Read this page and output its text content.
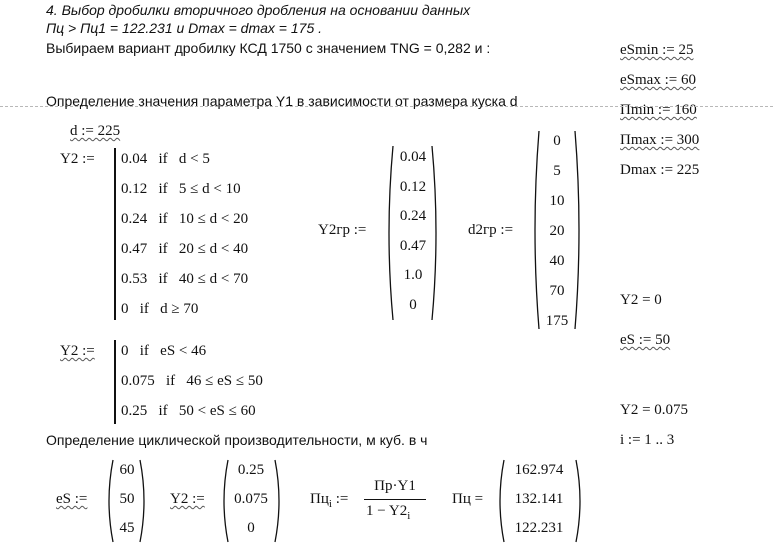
4. Выбор дробилки вторичного дробления на основании данных
Пц > Пц1 = 122.231 и Dmax = dmax = 175 .
Выбираем вариант дробилку КСД 1750 с значением TNG = 0,282 и :	eSmin := 25
eSmax := 60
Пmin := 160
Пmax := 300
Dmax := 225
Определение значения параметра Y1 в зависимости от размера куска d
d := 225
Y2 := 0.04   if   d < 5
0.12   if   5 ≤ d < 10
0.24   if   10 ≤ d < 20
0.47   if   20 ≤ d < 40
0.53   if   40 ≤ d < 70
0   if   d ≥ 70
Y2гр :=
0.04
0.12
0.24
0.47
1.0
0
d2гр :=
0
5
10
20
40
70
175
Y2 = 0
Y2 := 0   if   eS < 46
0.075   if   46 ≤ eS ≤ 50
0.25   if   50 < eS ≤ 60
eS := 50
Y2 = 0.075
Определение циклической производительности, м куб. в ч	i := 1 .. 3
eS :=
60
50
45
Y2 :=
0.25
0.075
0
$Пц_i$ :=
Пр·Y1
$1 - Y2_i$
Пц =
162.974
132.141
122.231
